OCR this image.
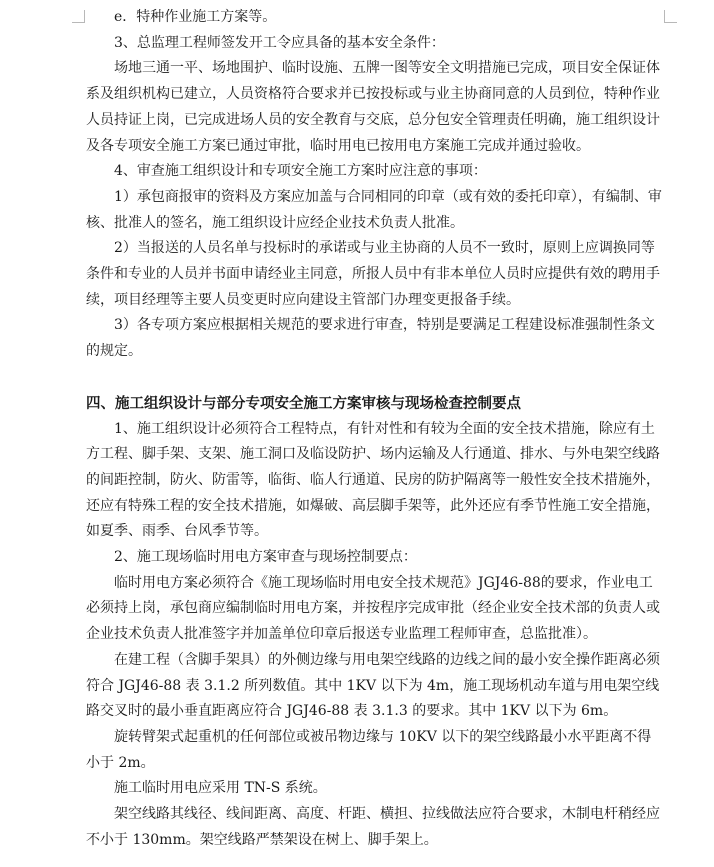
e．特种作业施工方案等。

3、总监理工程师签发开工令应具备的基本安全条件：

场地三通一平、场地围护、临时设施、五牌一图等安全文明措施已完成，项目安全保证体系及组织机构已建立，人员资格符合要求并已按投标或与业主协商同意的人员到位，特种作业人员持证上岗，已完成进场人员的安全教育与交底，总分包安全管理责任明确，施工组织设计及各专项安全施工方案已通过审批，临时用电已按用电方案施工完成并通过验收。

4、审查施工组织设计和专项安全施工方案时应注意的事项：

1）承包商报审的资料及方案应加盖与合同相同的印章（或有效的委托印章），有编制、审核、批准人的签名，施工组织设计应经企业技术负责人批准。

2）当报送的人员名单与投标时的承诺或与业主协商的人员不一致时，原则上应调换同等条件和专业的人员并书面申请经业主同意，所报人员中有非本单位人员时应提供有效的聘用手续，项目经理等主要人员变更时应向建设主管部门办理变更报备手续。

3）各专项方案应根据相关规范的要求进行审查，特别是要满足工程建设标准强制性条文的规定。

四、施工组织设计与部分专项安全施工方案审核与现场检查控制要点

1、施工组织设计必须符合工程特点，有针对性和有较为全面的安全技术措施，除应有土方工程、脚手架、支架、施工洞口及临设防护、场内运输及人行通道、排水、与外电架空线路的间距控制，防火、防雷等，临街、临人行通道、民房的防护隔离等一般性安全技术措施外，还应有特殊工程的安全技术措施，如爆破、高层脚手架等，此外还应有季节性施工安全措施，如夏季、雨季、台风季节等。

2、施工现场临时用电方案审查与现场控制要点：

临时用电方案必须符合《施工现场临时用电安全技术规范》JGJ46-88的要求，作业电工必须持上岗，承包商应编制临时用电方案，并按程序完成审批（经企业安全技术部的负责人或企业技术负责人批准签字并加盖单位印章后报送专业监理工程师审查，总监批准）。

在建工程（含脚手架具）的外侧边缘与用电架空线路的边线之间的最小安全操作距离必须符合 JGJ46-88 表 3.1.2 所列数值。其中 1KV 以下为 4m，施工现场机动车道与用电架空线路交叉时的最小垂直距离应符合 JGJ46-88 表 3.1.3 的要求。其中 1KV 以下为 6m。

旋转臂架式起重机的任何部位或被吊物边缘与 10KV 以下的架空线路最小水平距离不得小于 2m。

施工临时用电应采用 TN-S 系统。

架空线路其线径、线间距离、高度、杆距、横担、拉线做法应符合要求，木制电杆稍经应不小于 130mm。架空线路严禁架设在树上、脚手架上。
